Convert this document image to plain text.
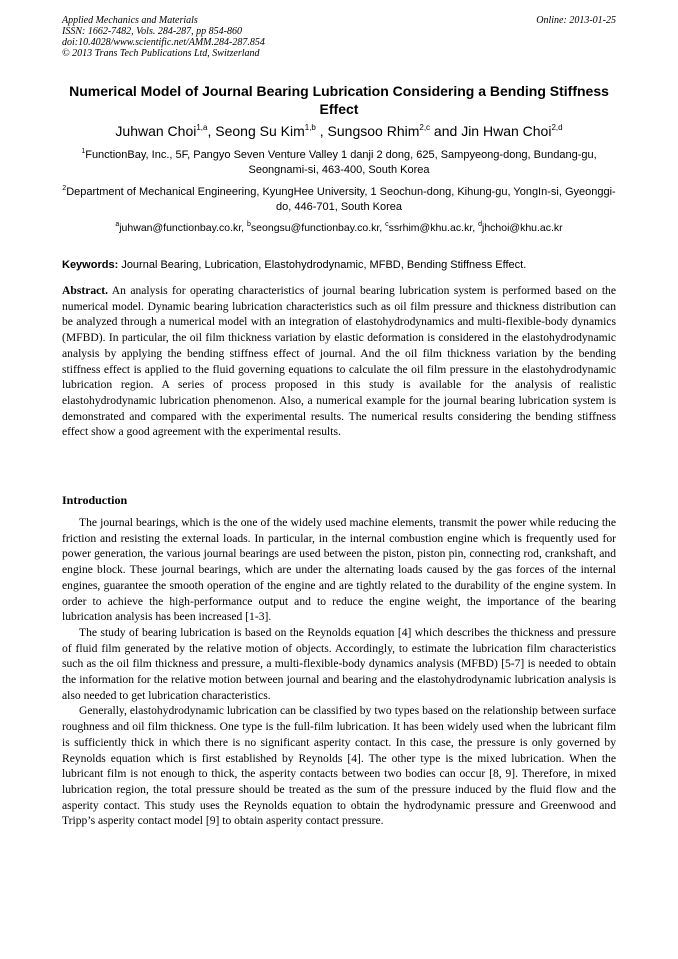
Applied Mechanics and Materials
ISSN: 1662-7482, Vols. 284-287, pp 854-860
doi:10.4028/www.scientific.net/AMM.284-287.854
© 2013 Trans Tech Publications Ltd, Switzerland
Online: 2013-01-25
Numerical Model of Journal Bearing Lubrication Considering a Bending Stiffness Effect
Juhwan Choi$^{1,a}$, Seong Su Kim$^{1,b}$ , Sungsoo Rhim$^{2,c}$ and Jin Hwan Choi$^{2,d}$
$^1$FunctionBay, Inc., 5F, Pangyo Seven Venture Valley 1 danji 2 dong, 625, Sampyeong-dong, Bundang-gu, Seongnami-si, 463-400, South Korea
$^2$Department of Mechanical Engineering, KyungHee University, 1 Seochun-dong, Kihung-gu, YongIn-si, Gyeonggi-do, 446-701, South Korea
$^a$juhwan@functionbay.co.kr, $^b$seongsu@functionbay.co.kr, $^c$ssrhim@khu.ac.kr, $^d$jhchoi@khu.ac.kr
Keywords: Journal Bearing, Lubrication, Elastohydrodynamic, MFBD, Bending Stiffness Effect.

Abstract. An analysis for operating characteristics of journal bearing lubrication system is performed based on the numerical model. Dynamic bearing lubrication characteristics such as oil film pressure and thickness distribution can be analyzed through a numerical model with an integration of elastohydrodynamics and multi-flexible-body dynamics (MFBD). In particular, the oil film thickness variation by elastic deformation is considered in the elastohydrodynamic analysis by applying the bending stiffness effect of journal. And the oil film thickness variation by the bending stiffness effect is applied to the fluid governing equations to calculate the oil film pressure in the elastohydrodynamic lubrication region. A series of process proposed in this study is available for the analysis of realistic elastohydrodynamic lubrication phenomenon. Also, a numerical example for the journal bearing lubrication system is demonstrated and compared with the experimental results. The numerical results considering the bending stiffness effect show a good agreement with the experimental results.

Introduction

The journal bearings, which is the one of the widely used machine elements, transmit the power while reducing the friction and resisting the external loads. In particular, in the internal combustion engine which is frequently used for power generation, the various journal bearings are used between the piston, piston pin, connecting rod, crankshaft, and engine block. These journal bearings, which are under the alternating loads caused by the gas forces of the internal engines, guarantee the smooth operation of the engine and are tightly related to the durability of the engine system. In order to achieve the high-performance output and to reduce the engine weight, the importance of the bearing lubrication analysis has been increased [1-3].

The study of bearing lubrication is based on the Reynolds equation [4] which describes the thickness and pressure of fluid film generated by the relative motion of objects. Accordingly, to estimate the lubrication film characteristics such as the oil film thickness and pressure, a multi-flexible-body dynamics analysis (MFBD) [5-7] is needed to obtain the information for the relative motion between journal and bearing and the elastohydrodynamic lubrication analysis is also needed to get lubrication characteristics.

Generally, elastohydrodynamic lubrication can be classified by two types based on the relationship between surface roughness and oil film thickness. One type is the full-film lubrication. It has been widely used when the lubricant film is sufficiently thick in which there is no significant asperity contact. In this case, the pressure is only governed by Reynolds equation which is first established by Reynolds [4]. The other type is the mixed lubrication. When the lubricant film is not enough to thick, the asperity contacts between two bodies can occur [8, 9]. Therefore, in mixed lubrication region, the total pressure should be treated as the sum of the pressure induced by the fluid flow and the asperity contact. This study uses the Reynolds equation to obtain the hydrodynamic pressure and Greenwood and Tripp’s asperity contact model [9] to obtain asperity contact pressure.
